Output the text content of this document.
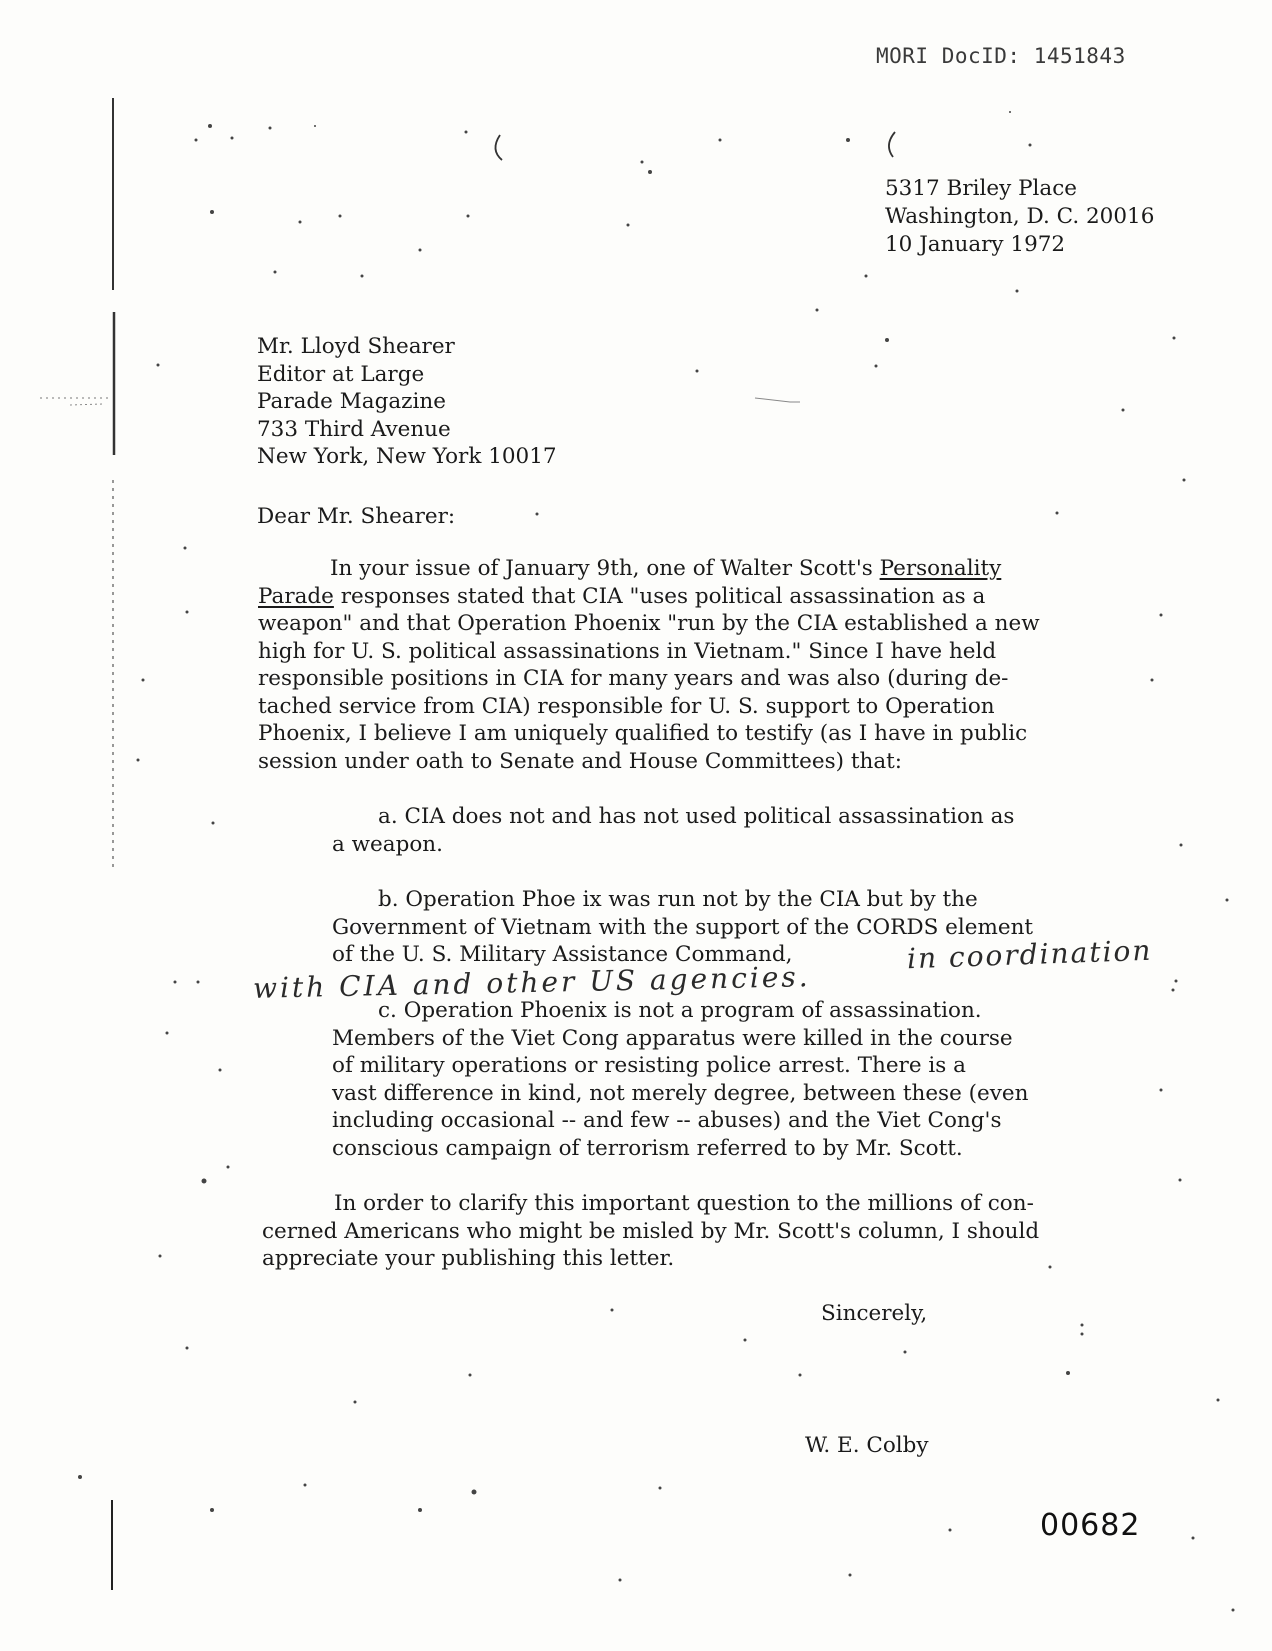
MORI DocID: 1451843
5317 Briley Place
Washington, D. C. 20016
10 January 1972
Mr. Lloyd Shearer
Editor at Large
Parade Magazine
733 Third Avenue
New York, New York 10017
Dear Mr. Shearer:
In your issue of January 9th, one of Walter Scott's Personality
Parade responses stated that CIA "uses political assassination as a
weapon" and that Operation Phoenix "run by the CIA established a new
high for U. S. political assassinations in Vietnam." Since I have held
responsible positions in CIA for many years and was also (during de-
tached service from CIA) responsible for U. S. support to Operation
Phoenix, I believe I am uniquely qualified to testify (as I have in public
session under oath to Senate and House Committees) that:
a. CIA does not and has not used political assassination as
a weapon.
b. Operation Phoe ix was run not by the CIA but by the
Government of Vietnam with the support of the CORDS element
of the U. S. Military Assistance Command,	in coordination
with CIA and other US agencies.
c. Operation Phoenix is not a program of assassination.
Members of the Viet Cong apparatus were killed in the course
of military operations or resisting police arrest. There is a
vast difference in kind, not merely degree, between these (even
including occasional -- and few -- abuses) and the Viet Cong's
conscious campaign of terrorism referred to by Mr. Scott.
In order to clarify this important question to the millions of con-
cerned Americans who might be misled by Mr. Scott's column, I should
appreciate your publishing this letter.
Sincerely,
W. E. Colby
00682
